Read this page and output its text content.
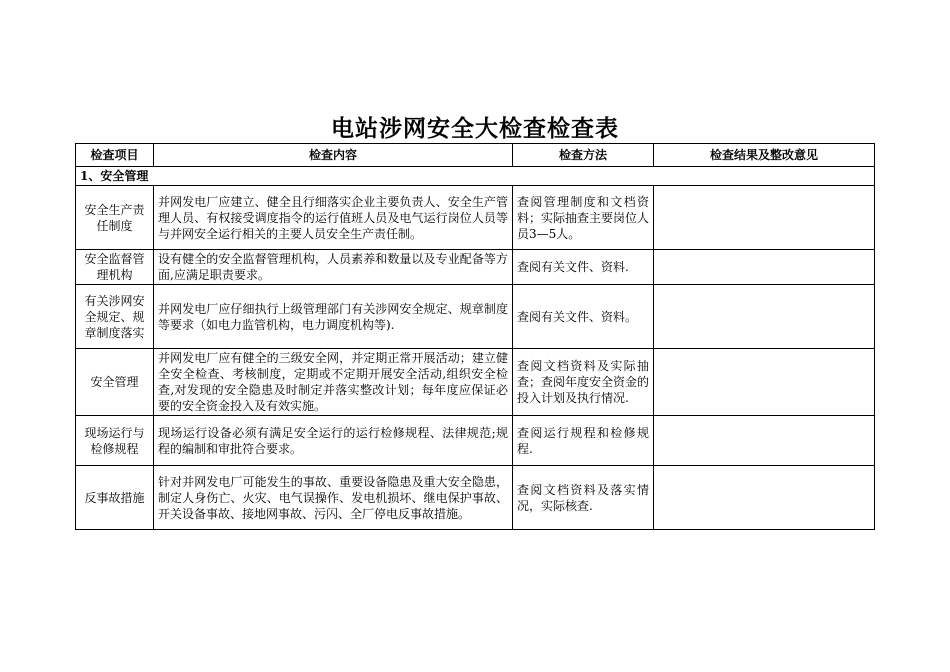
电站涉网安全大检查检查表
检查项目	检查内容	检查方法	检查结果及整改意见
1、安全管理			
安全生产责任制度	并网发电厂应建立、健全且行细落实企业主要负责人、安全生产管理人员、有权接受调度指令的运行值班人员及电气运行岗位人员等与并网安全运行相关的主要人员安全生产责任制。	查阅管理制度和文档资料；实际抽查主要岗位人员3—5人。	
安全监督管理机构	设有健全的安全监督管理机构，人员素养和数量以及专业配备等方面,应满足职责要求。	查阅有关文件、资料.	
有关涉网安全规定、规章制度落实	并网发电厂应仔细执行上级管理部门有关涉网安全规定、规章制度等要求（如电力监管机构，电力调度机构等).	查阅有关文件、资料。	
安全管理	并网发电厂应有健全的三级安全网，并定期正常开展活动；建立健全安全检查、考核制度，定期或不定期开展安全活动,组织安全检查,对发现的安全隐患及时制定并落实整改计划；每年度应保证必要的安全资金投入及有效实施。	查阅文档资料及实际抽查；查阅年度安全资金的投入计划及执行情况.	
现场运行与检修规程	现场运行设备必须有满足安全运行的运行检修规程、法律规范;规程的编制和审批符合要求。	查阅运行规程和检修规程.	
反事故措施	针对并网发电厂可能发生的事故、重要设备隐患及重大安全隐患，制定人身伤亡、火灾、电气误操作、发电机损坏、继电保护事故、开关设备事故、接地网事故、污闪、全厂停电反事故措施。	查阅文档资料及落实情况，实际核查.	
